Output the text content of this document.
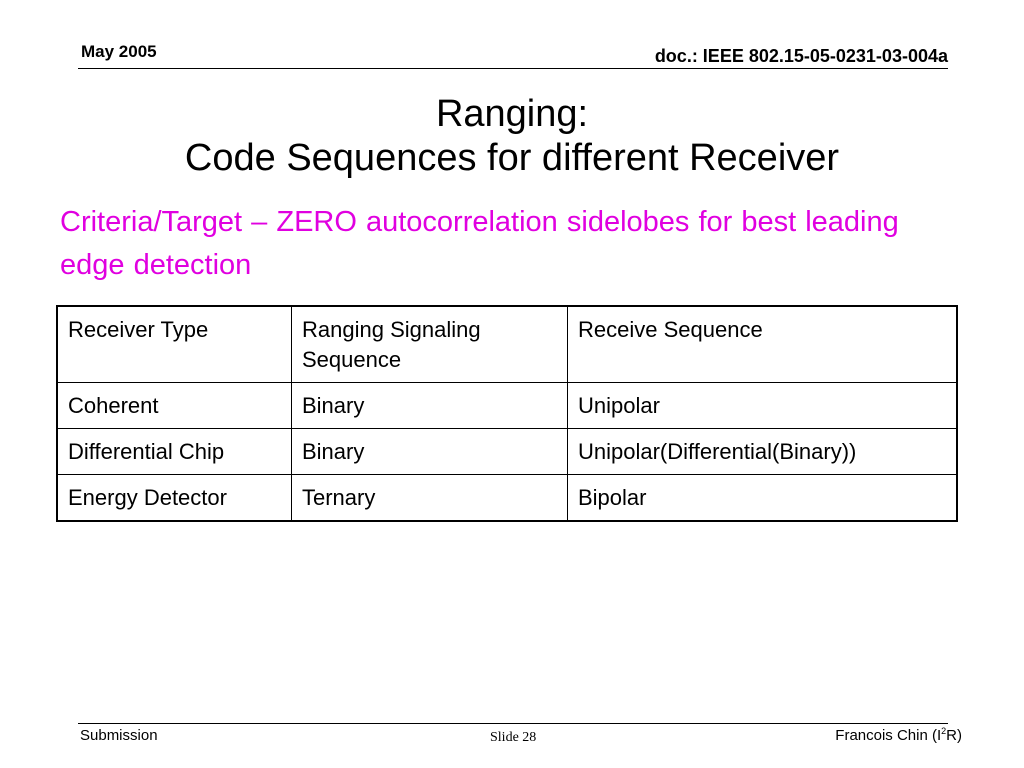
May 2005	doc.: IEEE 802.15-05-0231-03-004a
Ranging:
Code Sequences for different Receiver
Criteria/Target – ZERO autocorrelation sidelobes for best leading edge detection
Receiver Type	Ranging Signaling Sequence	Receive Sequence
Coherent	Binary	Unipolar
Differential Chip	Binary	Unipolar(Differential(Binary))
Energy Detector	Ternary	Bipolar
Submission	Slide 28	Francois Chin $(I^2R)$
